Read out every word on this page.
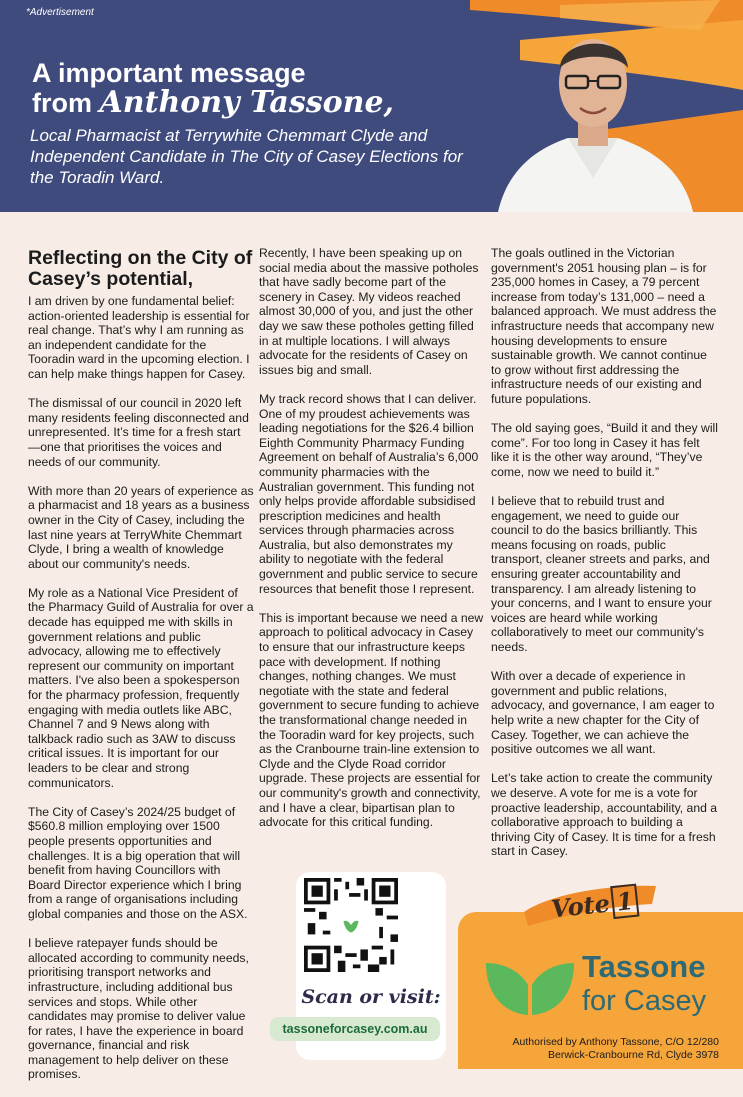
*Advertisement
A important message
from Anthony Tassone,
Local Pharmacist at Terrywhite Chemmart Clyde and Independent Candidate in The City of Casey Elections for the Toradin Ward.
Reflecting on the City of Casey’s potential,

I am driven by one fundamental belief: action-oriented leadership is essential for real change. That’s why I am running as an independent candidate for the Tooradin ward in the upcoming election. I can help make things happen for Casey.

The dismissal of our council in 2020 left many residents feeling disconnected and unrepresented. It’s time for a fresh start —one that prioritises the voices and needs of our community.

With more than 20 years of experience as a pharmacist and 18 years as a business owner in the City of Casey, including the last nine years at TerryWhite Chemmart Clyde, I bring a wealth of knowledge about our community's needs.

My role as a National Vice President of the Pharmacy Guild of Australia for over a decade has equipped me with skills in government relations and public advocacy, allowing me to effectively represent our community on important matters. I've also been a spokesperson for the pharmacy profession, frequently engaging with media outlets like ABC, Channel 7 and 9 News along with talkback radio such as 3AW to discuss critical issues. It is important for our leaders to be clear and strong communicators.

The City of Casey’s 2024/25 budget of $560.8 million employing over 1500 people presents opportunities and challenges. It is a big operation that will benefit from having Councillors with Board Director experience which I bring from a range of organisations including global companies and those on the ASX.

I believe ratepayer funds should be allocated according to community needs, prioritising transport networks and infrastructure, including additional bus services and stops. While other candidates may promise to deliver value for rates, I have the experience in board governance, financial and risk management to help deliver on these promises.

Recently, I have been speaking up on social media about the massive potholes that have sadly become part of the scenery in Casey. My videos reached almost 30,000 of you, and just the other day we saw these potholes getting filled in at multiple locations. I will always advocate for the residents of Casey on issues big and small.

My track record shows that I can deliver. One of my proudest achievements was leading negotiations for the $26.4 billion Eighth Community Pharmacy Funding Agreement on behalf of Australia’s 6,000 community pharmacies with the Australian government. This funding not only helps provide affordable subsidised prescription medicines and health services through pharmacies across Australia, but also demonstrates my ability to negotiate with the federal government and public service to secure resources that benefit those I represent.

This is important because we need a new approach to political advocacy in Casey to ensure that our infrastructure keeps pace with development. If nothing changes, nothing changes. We must negotiate with the state and federal government to secure funding to achieve the transformational change needed in the Tooradin ward for key projects, such as the Cranbourne train-line extension to Clyde and the Clyde Road corridor upgrade. These projects are essential for our community's growth and connectivity, and I have a clear, bipartisan plan to advocate for this critical funding.

The goals outlined in the Victorian government's 2051 housing plan – is for 235,000 homes in Casey, a 79 percent increase from today’s 131,000 – need a balanced approach. We must address the infrastructure needs that accompany new housing developments to ensure sustainable growth. We cannot continue to grow without first addressing the infrastructure needs of our existing and future populations.

The old saying goes, “Build it and they will come”. For too long in Casey it has felt like it is the other way around, “They’ve come, now we need to build it.”

I believe that to rebuild trust and engagement, we need to guide our council to do the basics brilliantly. This means focusing on roads, public transport, cleaner streets and parks, and ensuring greater accountability and transparency. I am already listening to your concerns, and I want to ensure your voices are heard while working collaboratively to meet our community's needs.

With over a decade of experience in government and public relations, advocacy, and governance, I am eager to help write a new chapter for the City of Casey. Together, we can achieve the positive outcomes we all want.

Let’s take action to create the community we deserve. A vote for me is a vote for proactive leadership, accountability, and a collaborative approach to building a thriving City of Casey. It is time for a fresh start in Casey.

Scan or visit:
tassoneforcasey.com.au
Vote 1
Tassone
for Casey
Authorised by Anthony Tassone, C/O 12/280
Berwick-Cranbourne Rd, Clyde 3978
